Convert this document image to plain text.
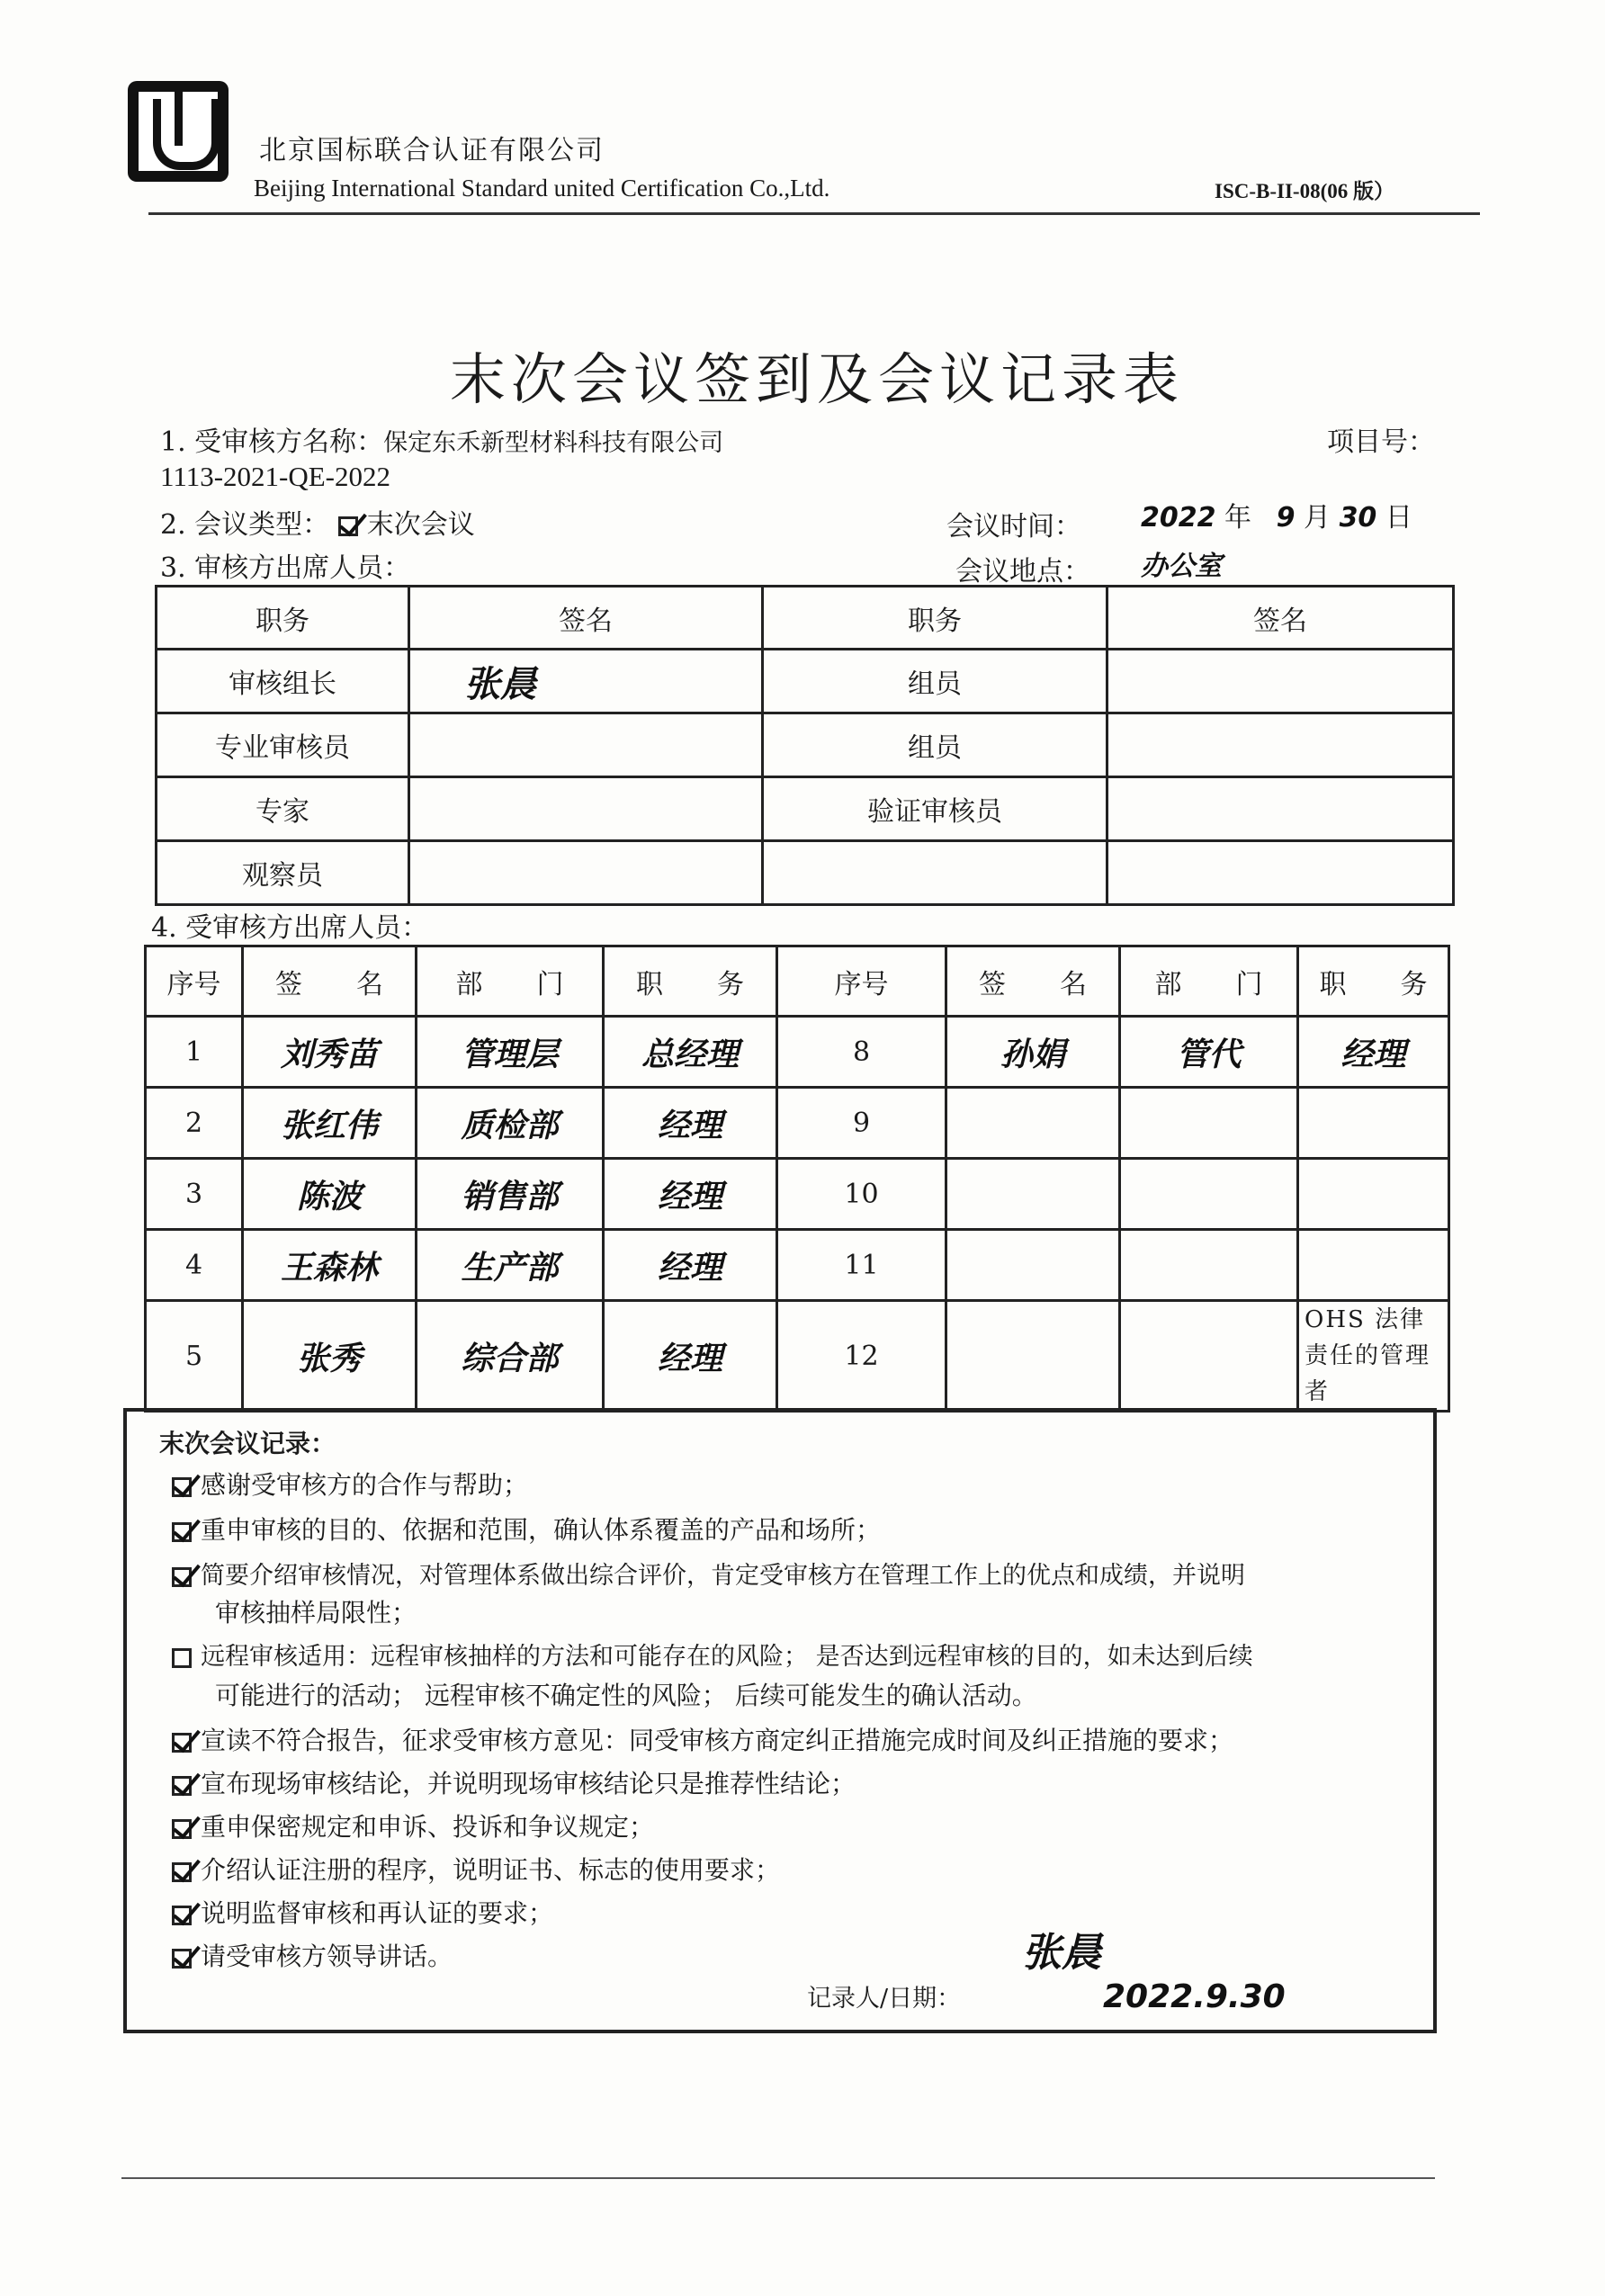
北京国标联合认证有限公司
Beijing International Standard united Certification Co.,Ltd.	ISC-B-II-08(06 版）
末次会议签到及会议记录表
1. 受审核方名称：保定东禾新型材料科技有限公司	项目号：
1113-2021-QE-2022
2. 会议类型： 末次会议	会议时间： 2022 年 9 月 30 日
3. 审核方出席人员：	会议地点： 办公室
职务	签名	职务	签名
审核组长	张晨	组员	
专业审核员		组员	
专家		验证审核员	
观察员			
4. 受审核方出席人员：
序号	签　　名	部　　门	职　　务	序号	签　　名	部　　门	职　　务
1	刘秀苗	管理层	总经理	8	孙娟	管代	经理
2	张红伟	质检部	经理	9			
3	陈波	销售部	经理	10			
4	王森林	生产部	经理	11			
5	张秀	综合部	经理	12			OHS 法律责任的管理者
末次会议记录：
感谢受审核方的合作与帮助；
重申审核的目的、依据和范围，确认体系覆盖的产品和场所；
简要介绍审核情况，对管理体系做出综合评价，肯定受审核方在管理工作上的优点和成绩，并说明
审核抽样局限性；
远程审核适用：远程审核抽样的方法和可能存在的风险； 是否达到远程审核的目的，如未达到后续
可能进行的活动； 远程审核不确定性的风险； 后续可能发生的确认活动。
宣读不符合报告，征求受审核方意见：同受审核方商定纠正措施完成时间及纠正措施的要求；
宣布现场审核结论，并说明现场审核结论只是推荐性结论；
重申保密规定和申诉、投诉和争议规定；
介绍认证注册的程序，说明证书、标志的使用要求；
说明监督审核和再认证的要求；
请受审核方领导讲话。
记录人/日期：
张晨
2022.9.30
